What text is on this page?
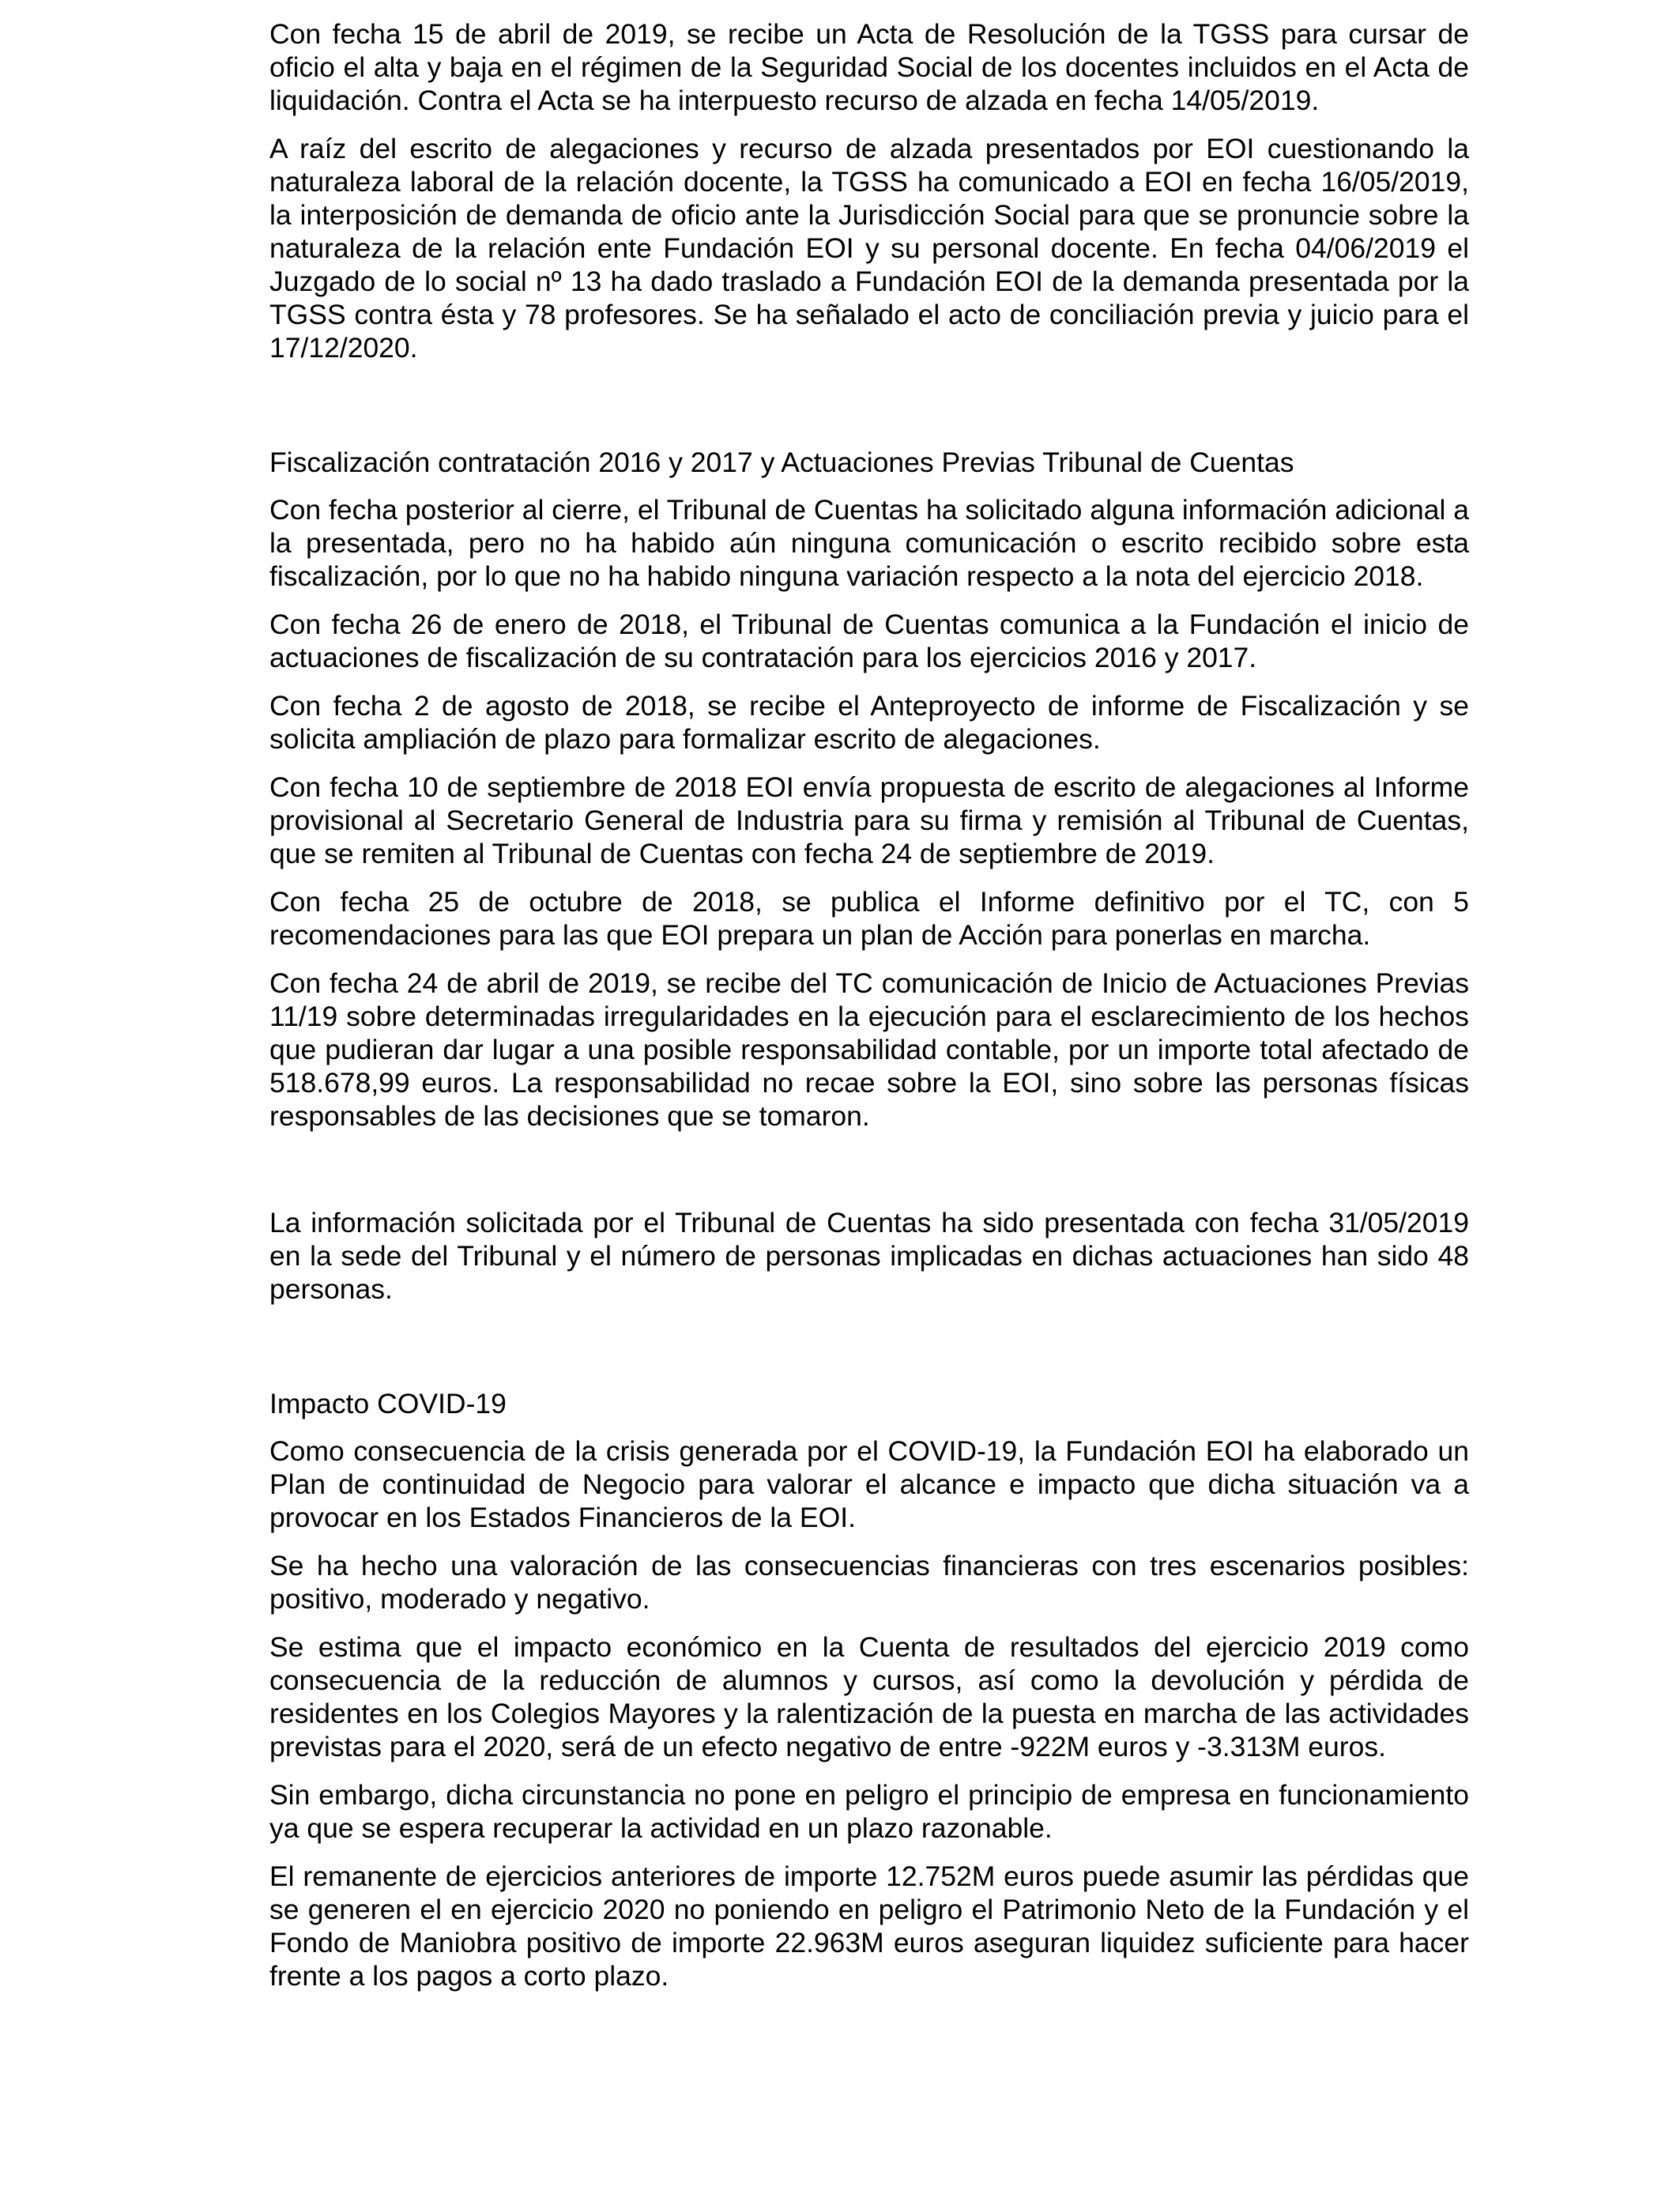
Con fecha 15 de abril de 2019, se recibe un Acta de Resolución de la TGSS para cursar de oficio el alta y baja en el régimen de la Seguridad Social de los docentes incluidos en el Acta de liquidación. Contra el Acta se ha interpuesto recurso de alzada en fecha 14/05/2019.

A raíz del escrito de alegaciones y recurso de alzada presentados por EOI cuestionando la naturaleza laboral de la relación docente, la TGSS ha comunicado a EOI en fecha 16/05/2019, la interposición de demanda de oficio ante la Jurisdicción Social para que se pronuncie sobre la naturaleza de la relación ente Fundación EOI y su personal docente. En fecha 04/06/2019 el Juzgado de lo social nº 13 ha dado traslado a Fundación EOI de la demanda presentada por la TGSS contra ésta y 78 profesores. Se ha señalado el acto de conciliación previa y juicio para el 17/12/2020.

Fiscalización contratación 2016 y 2017 y Actuaciones Previas Tribunal de Cuentas

Con fecha posterior al cierre, el Tribunal de Cuentas ha solicitado alguna información adicional a la presentada, pero no ha habido aún ninguna comunicación o escrito recibido sobre esta fiscalización, por lo que no ha habido ninguna variación respecto a la nota del ejercicio 2018.

Con fecha 26 de enero de 2018, el Tribunal de Cuentas comunica a la Fundación el inicio de actuaciones de fiscalización de su contratación para los ejercicios 2016 y 2017.

Con fecha 2 de agosto de 2018, se recibe el Anteproyecto de informe de Fiscalización y se solicita ampliación de plazo para formalizar escrito de alegaciones.

Con fecha 10 de septiembre de 2018 EOI envía propuesta de escrito de alegaciones al Informe provisional al Secretario General de Industria para su firma y remisión al Tribunal de Cuentas, que se remiten al Tribunal de Cuentas con fecha 24 de septiembre de 2019.

Con fecha 25 de octubre de 2018, se publica el Informe definitivo por el TC, con 5 recomendaciones para las que EOI prepara un plan de Acción para ponerlas en marcha.

Con fecha 24 de abril de 2019, se recibe del TC comunicación de Inicio de Actuaciones Previas 11/19 sobre determinadas irregularidades en la ejecución para el esclarecimiento de los hechos que pudieran dar lugar a una posible responsabilidad contable, por un importe total afectado de 518.678,99 euros. La responsabilidad no recae sobre la EOI, sino sobre las personas físicas responsables de las decisiones que se tomaron.

La información solicitada por el Tribunal de Cuentas ha sido presentada con fecha 31/05/2019 en la sede del Tribunal y el número de personas implicadas en dichas actuaciones han sido 48 personas.

Impacto COVID-19

Como consecuencia de la crisis generada por el COVID-19, la Fundación EOI ha elaborado un Plan de continuidad de Negocio para valorar el alcance e impacto que dicha situación va a provocar en los Estados Financieros de la EOI.

Se ha hecho una valoración de las consecuencias financieras con tres escenarios posibles: positivo, moderado y negativo.

Se estima que el impacto económico en la Cuenta de resultados del ejercicio 2019 como consecuencia de la reducción de alumnos y cursos, así como la devolución y pérdida de residentes en los Colegios Mayores y la ralentización de la puesta en marcha de las actividades previstas para el 2020, será de un efecto negativo de entre -922M euros y -3.313M euros.

Sin embargo, dicha circunstancia no pone en peligro el principio de empresa en funcionamiento ya que se espera recuperar la actividad en un plazo razonable.

El remanente de ejercicios anteriores de importe 12.752M euros puede asumir las pérdidas que se generen el en ejercicio 2020 no poniendo en peligro el Patrimonio Neto de la Fundación y el Fondo de Maniobra positivo de importe 22.963M euros aseguran liquidez suficiente para hacer frente a los pagos a corto plazo.
